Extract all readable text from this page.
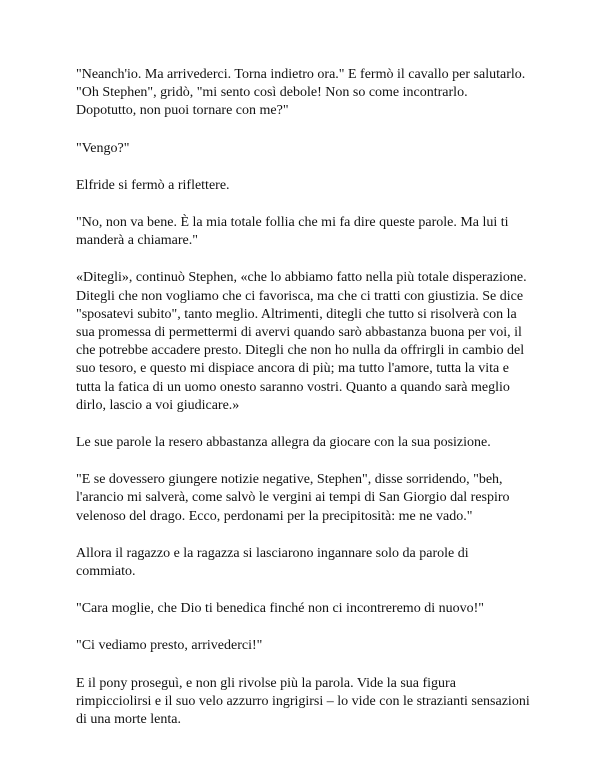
"Neanch'io. Ma arrivederci. Torna indietro ora." E fermò il cavallo per salutarlo. "Oh Stephen", gridò, "mi sento così debole! Non so come incontrarlo. Dopotutto, non puoi tornare con me?"

"Vengo?"

Elfride si fermò a riflettere.

"No, non va bene. È la mia totale follia che mi fa dire queste parole. Ma lui ti manderà a chiamare."

«Ditegli», continuò Stephen, «che lo abbiamo fatto nella più totale disperazione. Ditegli che non vogliamo che ci favorisca, ma che ci tratti con giustizia. Se dice "sposatevi subito", tanto meglio. Altrimenti, ditegli che tutto si risolverà con la sua promessa di permettermi di avervi quando sarò abbastanza buona per voi, il che potrebbe accadere presto. Ditegli che non ho nulla da offrirgli in cambio del suo tesoro, e questo mi dispiace ancora di più; ma tutto l'amore, tutta la vita e tutta la fatica di un uomo onesto saranno vostri. Quanto a quando sarà meglio dirlo, lascio a voi giudicare.»

Le sue parole la resero abbastanza allegra da giocare con la sua posizione.

"E se dovessero giungere notizie negative, Stephen", disse sorridendo, "beh, l'arancio mi salverà, come salvò le vergini ai tempi di San Giorgio dal respiro velenoso del drago. Ecco, perdonami per la precipitosità: me ne vado."

Allora il ragazzo e la ragazza si lasciarono ingannare solo da parole di commiato.

"Cara moglie, che Dio ti benedica finché non ci incontreremo di nuovo!"

"Ci vediamo presto, arrivederci!"

E il pony proseguì, e non gli rivolse più la parola. Vide la sua figura rimpicciolirsi e il suo velo azzurro ingrigirsi – lo vide con le strazianti sensazioni di una morte lenta.
